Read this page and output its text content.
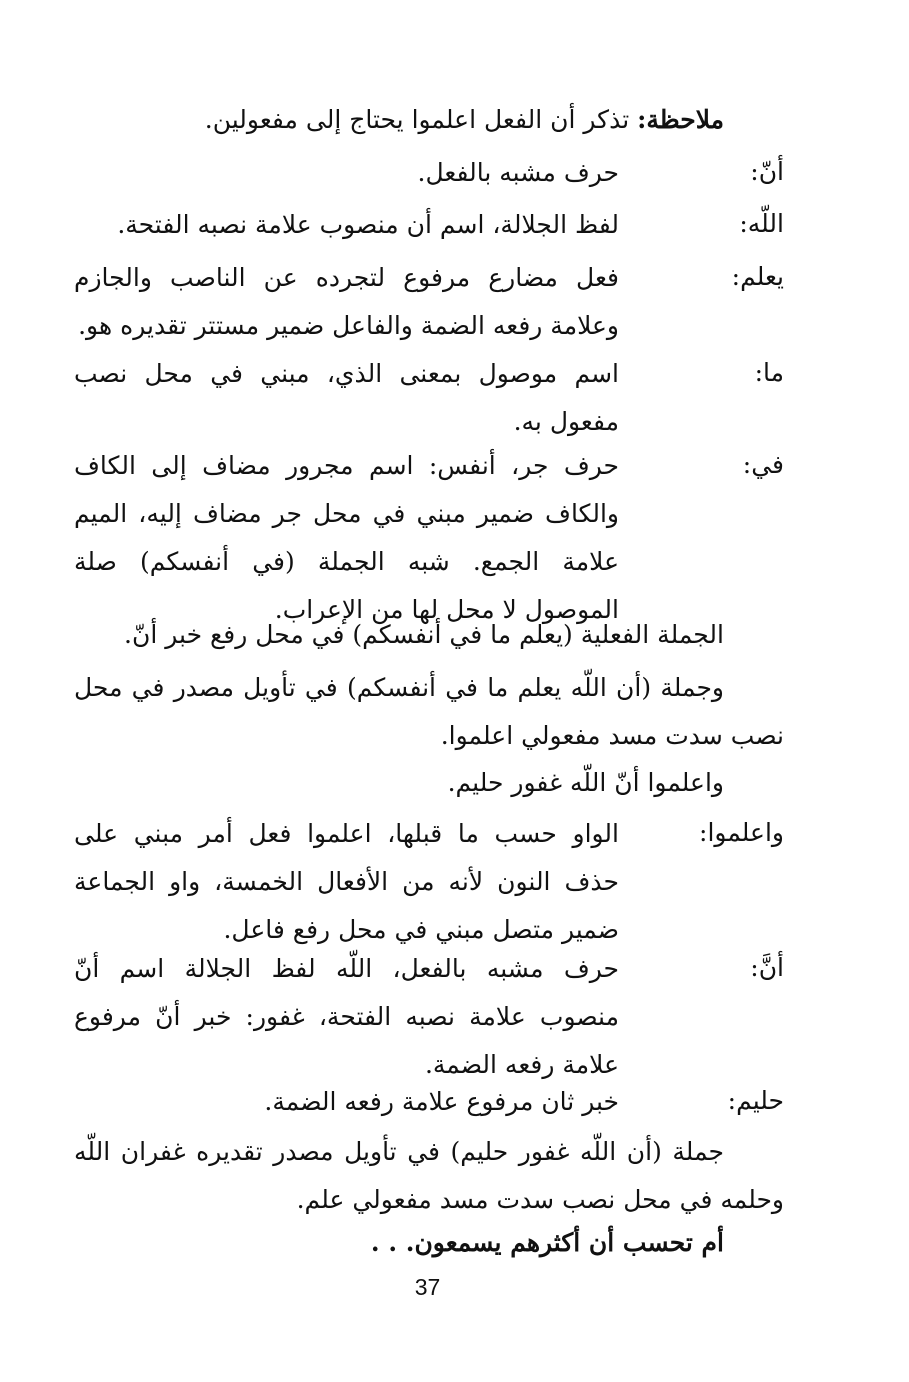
ملاحظة: تذكر أن الفعل اعلموا يحتاج إلى مفعولين.
أنّ:
حرف مشبه بالفعل.
اللّه:
لفظ الجلالة، اسم أن منصوب علامة نصبه الفتحة.
يعلم:
فعل مضارع مرفوع لتجرده عن الناصب والجازم وعلامة رفعه الضمة والفاعل ضمير مستتر تقديره هو.
ما:
اسم موصول بمعنى الذي، مبني في محل نصب مفعول به.
في:
حرف جر، أنفس: اسم مجرور مضاف إلى الكاف والكاف ضمير مبني في محل جر مضاف إليه، الميم علامة الجمع. شبه الجملة (في أنفسكم) صلة الموصول لا محل لها من الإعراب.
الجملة الفعلية (يعلم ما في أنفسكم) في محل رفع خبر أنّ.
وجملة (أن اللّه يعلم ما في أنفسكم) في تأويل مصدر في محل نصب سدت مسد مفعولي اعلموا.
واعلموا أنّ اللّه غفور حليم.
واعلموا:
الواو حسب ما قبلها، اعلموا فعل أمر مبني على حذف النون لأنه من الأفعال الخمسة، واو الجماعة ضمير متصل مبني في محل رفع فاعل.
أنَّ:
حرف مشبه بالفعل، اللّه لفظ الجلالة اسم أنّ منصوب علامة نصبه الفتحة، غفور: خبر أنّ مرفوع علامة رفعه الضمة.
حليم:
خبر ثان مرفوع علامة رفعه الضمة.
جملة (أن اللّه غفور حليم) في تأويل مصدر تقديره غفران اللّه وحلمه في محل نصب سدت مسد مفعولي علم.
أم تحسب أن أكثرهم يسمعون. . .
37
